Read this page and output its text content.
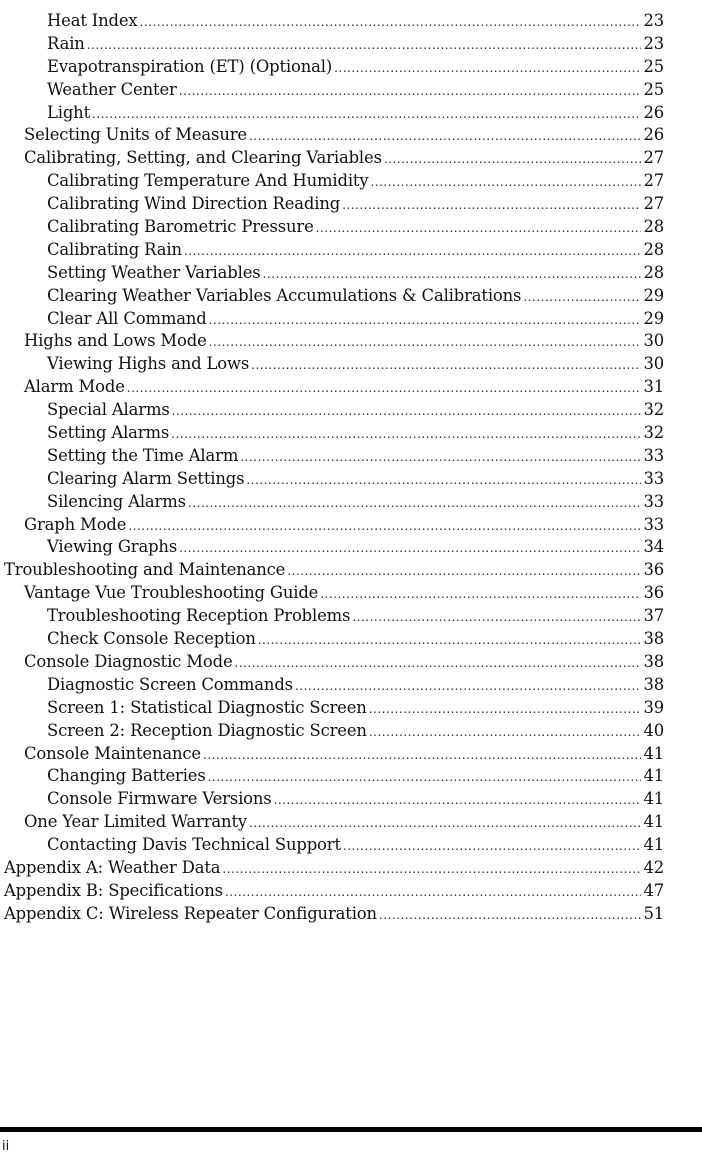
Heat Index .....	23
Rain .....	23
Evapotranspiration (ET) (Optional) .....	25
Weather Center .....	25
Light .....	26
Selecting Units of Measure .....	26
Calibrating, Setting, and Clearing Variables .....	27
Calibrating Temperature And Humidity .....	27
Calibrating Wind Direction Reading .....	27
Calibrating Barometric Pressure .....	28
Calibrating Rain .....	28
Setting Weather Variables .....	28
Clearing Weather Variables Accumulations & Calibrations .....	29
Clear All Command .....	29
Highs and Lows Mode .....	30
Viewing Highs and Lows .....	30
Alarm Mode .....	31
Special Alarms .....	32
Setting Alarms .....	32
Setting the Time Alarm .....	33
Clearing Alarm Settings .....	33
Silencing Alarms .....	33
Graph Mode .....	33
Viewing Graphs .....	34
Troubleshooting and Maintenance .....	36
Vantage Vue Troubleshooting Guide .....	36
Troubleshooting Reception Problems .....	37
Check Console Reception .....	38
Console Diagnostic Mode .....	38
Diagnostic Screen Commands .....	38
Screen 1: Statistical Diagnostic Screen .....	39
Screen 2: Reception Diagnostic Screen .....	40
Console Maintenance .....	41
Changing Batteries .....	41
Console Firmware Versions .....	41
One Year Limited Warranty .....	41
Contacting Davis Technical Support .....	41
Appendix A: Weather Data .....	42
Appendix B: Specifications .....	47
Appendix C: Wireless Repeater Configuration .....	51
ii
